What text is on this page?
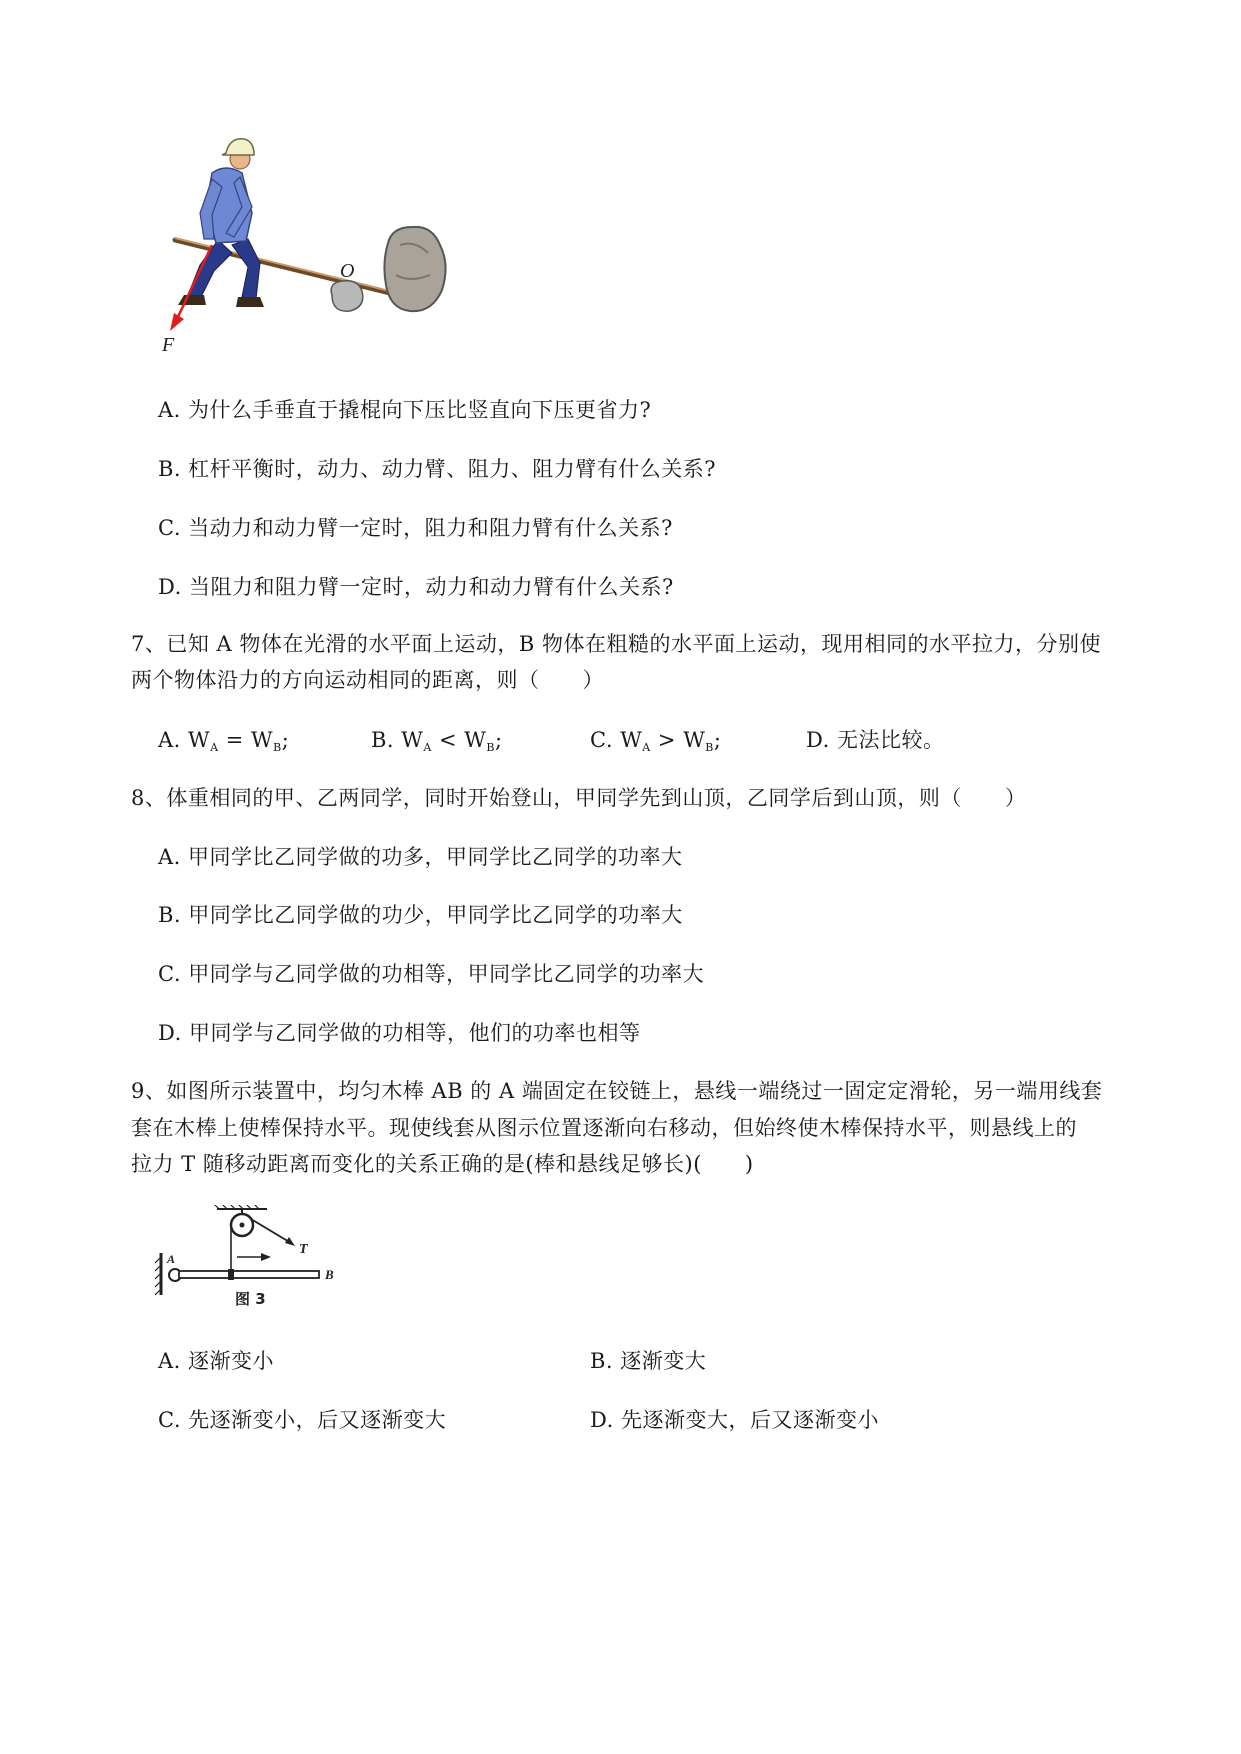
F
O
A. 为什么手垂直于撬棍向下压比竖直向下压更省力?
B. 杠杆平衡时，动力、动力臂、阻力、阻力臂有什么关系?
C. 当动力和动力臂一定时，阻力和阻力臂有什么关系?
D. 当阻力和阻力臂一定时，动力和动力臂有什么关系?
7、已知 A 物体在光滑的水平面上运动，B 物体在粗糙的水平面上运动，现用相同的水平拉力，分别使
两个物体沿力的方向运动相同的距离，则（　　）
A. $W_A = W_B$;	B. $W_A < W_B$;	C. $W_A > W_B$;	D. 无法比较。
8、体重相同的甲、乙两同学，同时开始登山，甲同学先到山顶，乙同学后到山顶，则（　　）
A. 甲同学比乙同学做的功多，甲同学比乙同学的功率大
B. 甲同学比乙同学做的功少，甲同学比乙同学的功率大
C. 甲同学与乙同学做的功相等，甲同学比乙同学的功率大
D. 甲同学与乙同学做的功相等，他们的功率也相等
9、如图所示装置中，均匀木棒 AB 的 A 端固定在铰链上，悬线一端绕过一固定定滑轮，另一端用线套
套在木棒上使棒保持水平。现使线套从图示位置逐渐向右移动，但始终使木棒保持水平，则悬线上的
拉力 T 随移动距离而变化的关系正确的是(棒和悬线足够长)(　　)
T
A
B
图 3
A. 逐渐变小	B. 逐渐变大
C. 先逐渐变小，后又逐渐变大	D. 先逐渐变大，后又逐渐变小
